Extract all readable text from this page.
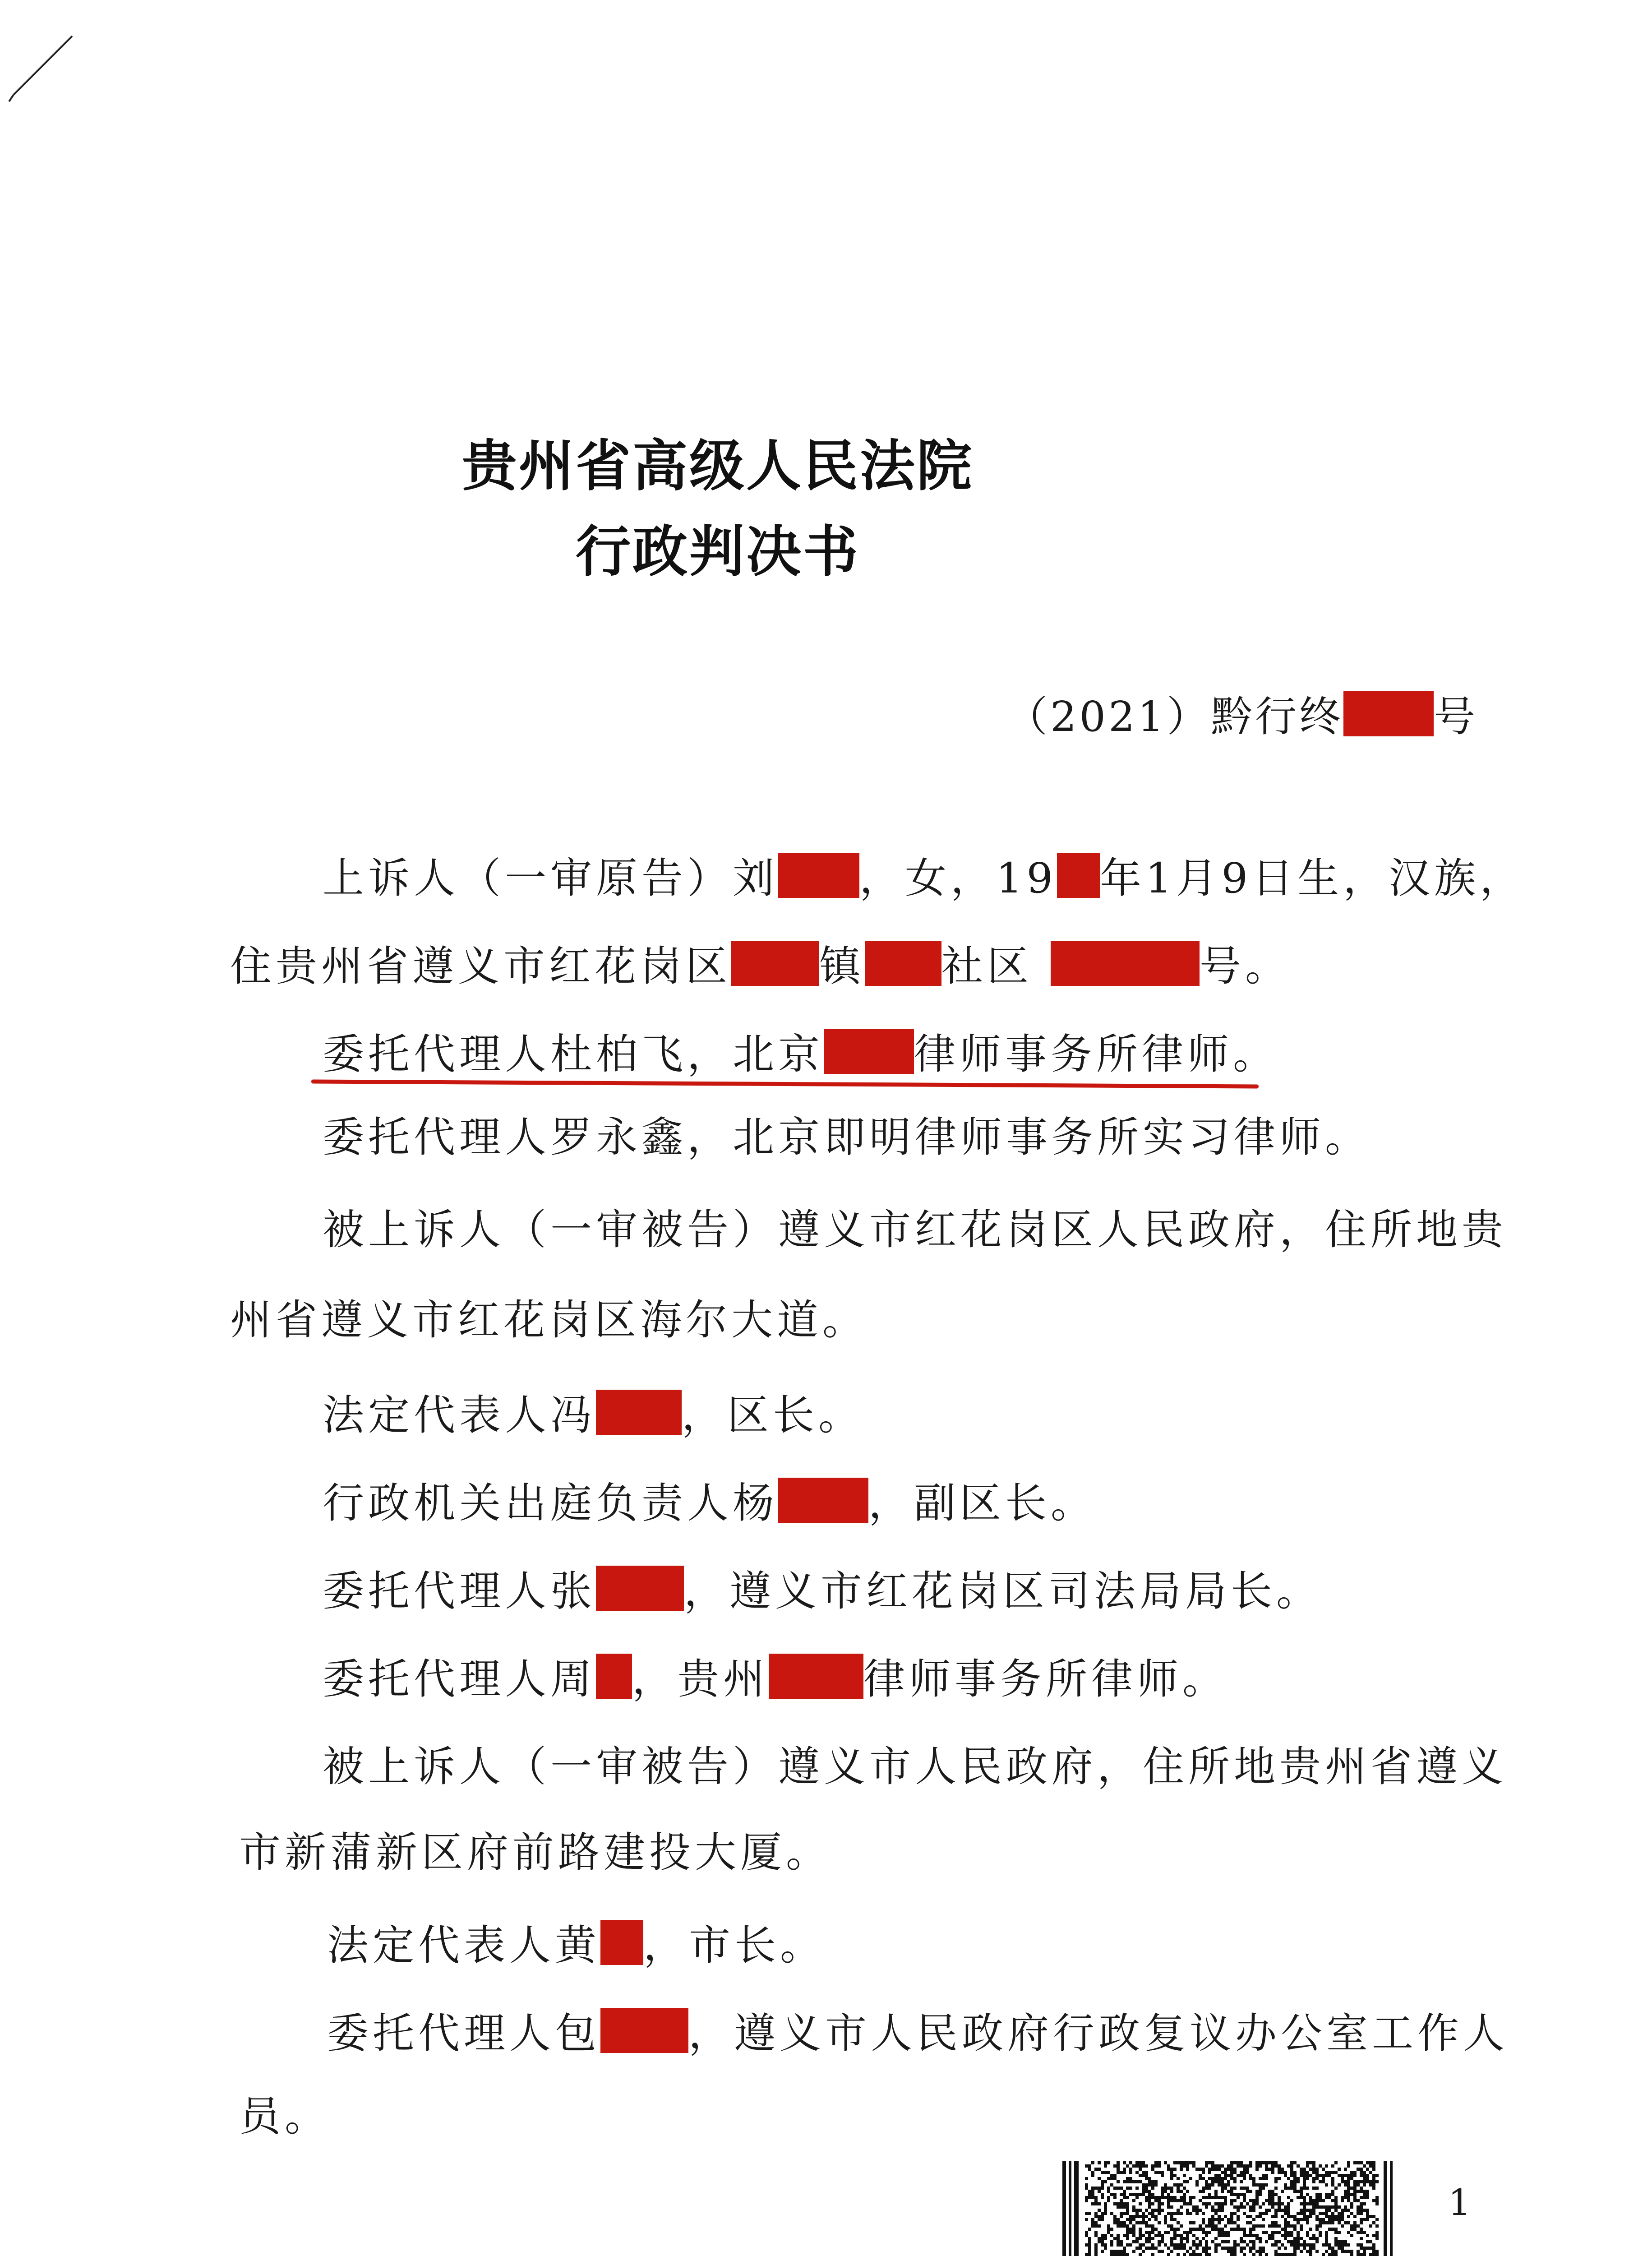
贵州省高级人民法院
行政判决书
（2021）黔行终 号
上诉人（一审原告）刘 ，女，19 年1月9日生，汉族，
住贵州省遵义市红花岗区 镇 社区	号。
委托代理人杜柏飞，北京 律师事务所律师。
委托代理人罗永鑫，北京即明律师事务所实习律师。
被上诉人（一审被告）遵义市红花岗区人民政府，住所地贵
州省遵义市红花岗区海尔大道。
法定代表人冯 ，区长。
行政机关出庭负责人杨 ，副区长。
委托代理人张 ，遵义市红花岗区司法局局长。
委托代理人周 ，贵州 律师事务所律师。
被上诉人（一审被告）遵义市人民政府，住所地贵州省遵义
市新蒲新区府前路建投大厦。
法定代表人黄 ，市长。
委托代理人包 ，遵义市人民政府行政复议办公室工作人
员。
1
